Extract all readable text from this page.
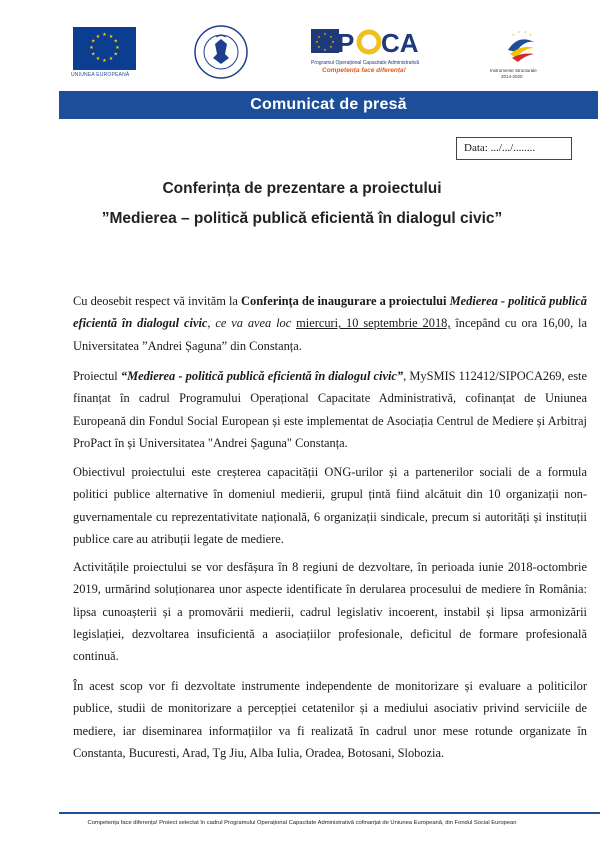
★ ★
★
★
★
★
★
★
★
★
★
★
UNIUNEA EUROPEANĂ
★
★
★
★
★
★
★
★ P CA
Programul Operațional Capacitate Administrativă
Competența face diferența!
★
★ ★
★
Instrumente Structurale
2014-2020
Comunicat de presă
Data: .../.../........
Conferința de prezentare a proiectului
”Medierea – politică publică eficientă în dialogul civic”

Cu deosebit respect vă invităm la Conferința de inaugurare a proiectului Medierea - politică publică eficientă în dialogul civic, ce va avea loc miercuri, 10 septembrie 2018, începând cu ora 16,00, la Universitatea ”Andrei Șaguna” din Constanța.

Proiectul “Medierea - politică publică eficientă în dialogul civic”, MySMIS 112412/SIPOCA269, este finanțat în cadrul Programului Operațional Capacitate Administrativă, cofinanțat de Uniunea Europeană din Fondul Social European și este implementat de Asociația Centrul de Mediere și Arbitraj ProPact în și Universitatea "Andrei Șaguna" Constanța.

Obiectivul proiectului este creșterea capacității ONG-urilor și a partenerilor sociali de a formula politici publice alternative în domeniul medierii, grupul țintă fiind alcătuit din 10 organizații non-guvernamentale cu reprezentativitate națională, 6 organizații sindicale, precum si autorități și instituții publice care au atribuții legate de mediere.

Activitățile proiectului se vor desfășura în 8 regiuni de dezvoltare, în perioada iunie 2018-octombrie 2019, urmărind soluționarea unor aspecte identificate în derularea procesului de mediere în România: lipsa cunoașterii și a promovării medierii, cadrul legislativ incoerent, instabil și lipsa armonizării legislației, dezvoltarea insuficientă a asociațiilor profesionale, deficitul de formare profesională continuă.

În acest scop vor fi dezvoltate instrumente independente de monitorizare și evaluare a politicilor publice, studii de monitorizare a percepției cetatenilor și a mediului asociativ privind serviciile de mediere, iar diseminarea informațiilor va fi realizată în cadrul unor mese rotunde organizate în Constanta, Bucuresti, Arad, Tg Jiu, Alba Iulia, Oradea, Botosani, Slobozia.

Competența face diferența! Proiect selectat în cadrul Programului Operațional Capacitate Administrativă cofinanțat de Uniunea Europeană, din Fondul Social European
